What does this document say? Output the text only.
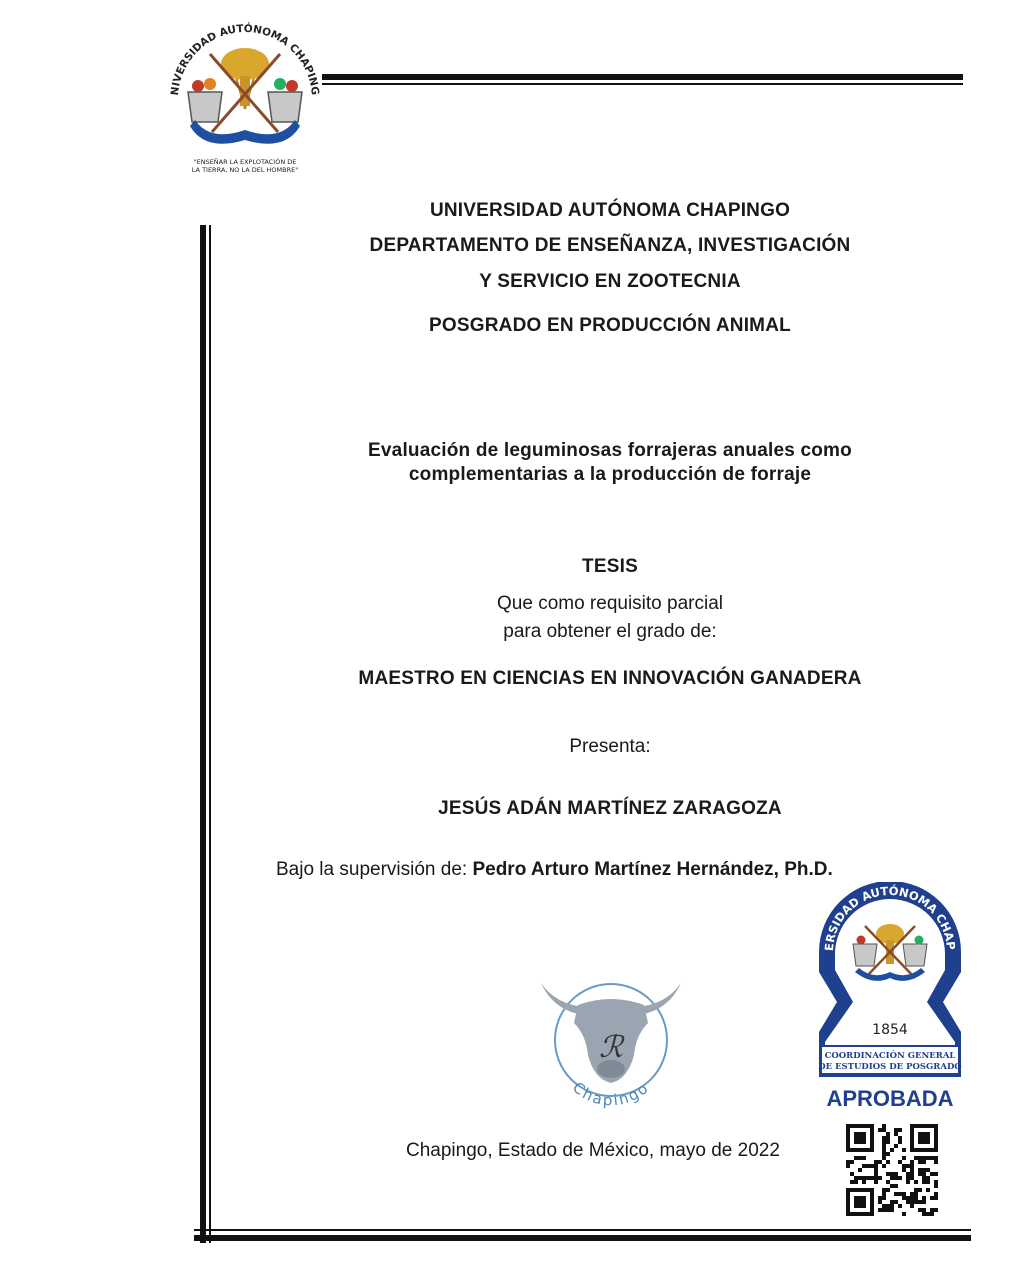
NIVERSIDAD AUTÓNOMA CHAPING
"ENSEÑAR LA EXPLOTACIÓN DE
LA TIERRA, NO LA DEL HOMBRE"
UNIVERSIDAD AUTÓNOMA CHAPINGO
DEPARTAMENTO DE ENSEÑANZA, INVESTIGACIÓN
Y SERVICIO EN ZOOTECNIA
POSGRADO EN PRODUCCIÓN ANIMAL
Evaluación de leguminosas forrajeras anuales como
complementarias a la producción de forraje
TESIS
Que como requisito parcial
para obtener el grado de:
MAESTRO EN CIENCIAS EN INNOVACIÓN GANADERA
Presenta:
JESÚS ADÁN MARTÍNEZ ZARAGOZA
Bajo la supervisión de: Pedro Arturo Martínez Hernández, Ph.D.
ℛ
Chapingo
ERSIDAD AUTÓNOMA CHAP
1854
COORDINACIÓN GENERAL
DE ESTUDIOS DE POSGRADO
APROBADA
Chapingo, Estado de México, mayo de 2022
